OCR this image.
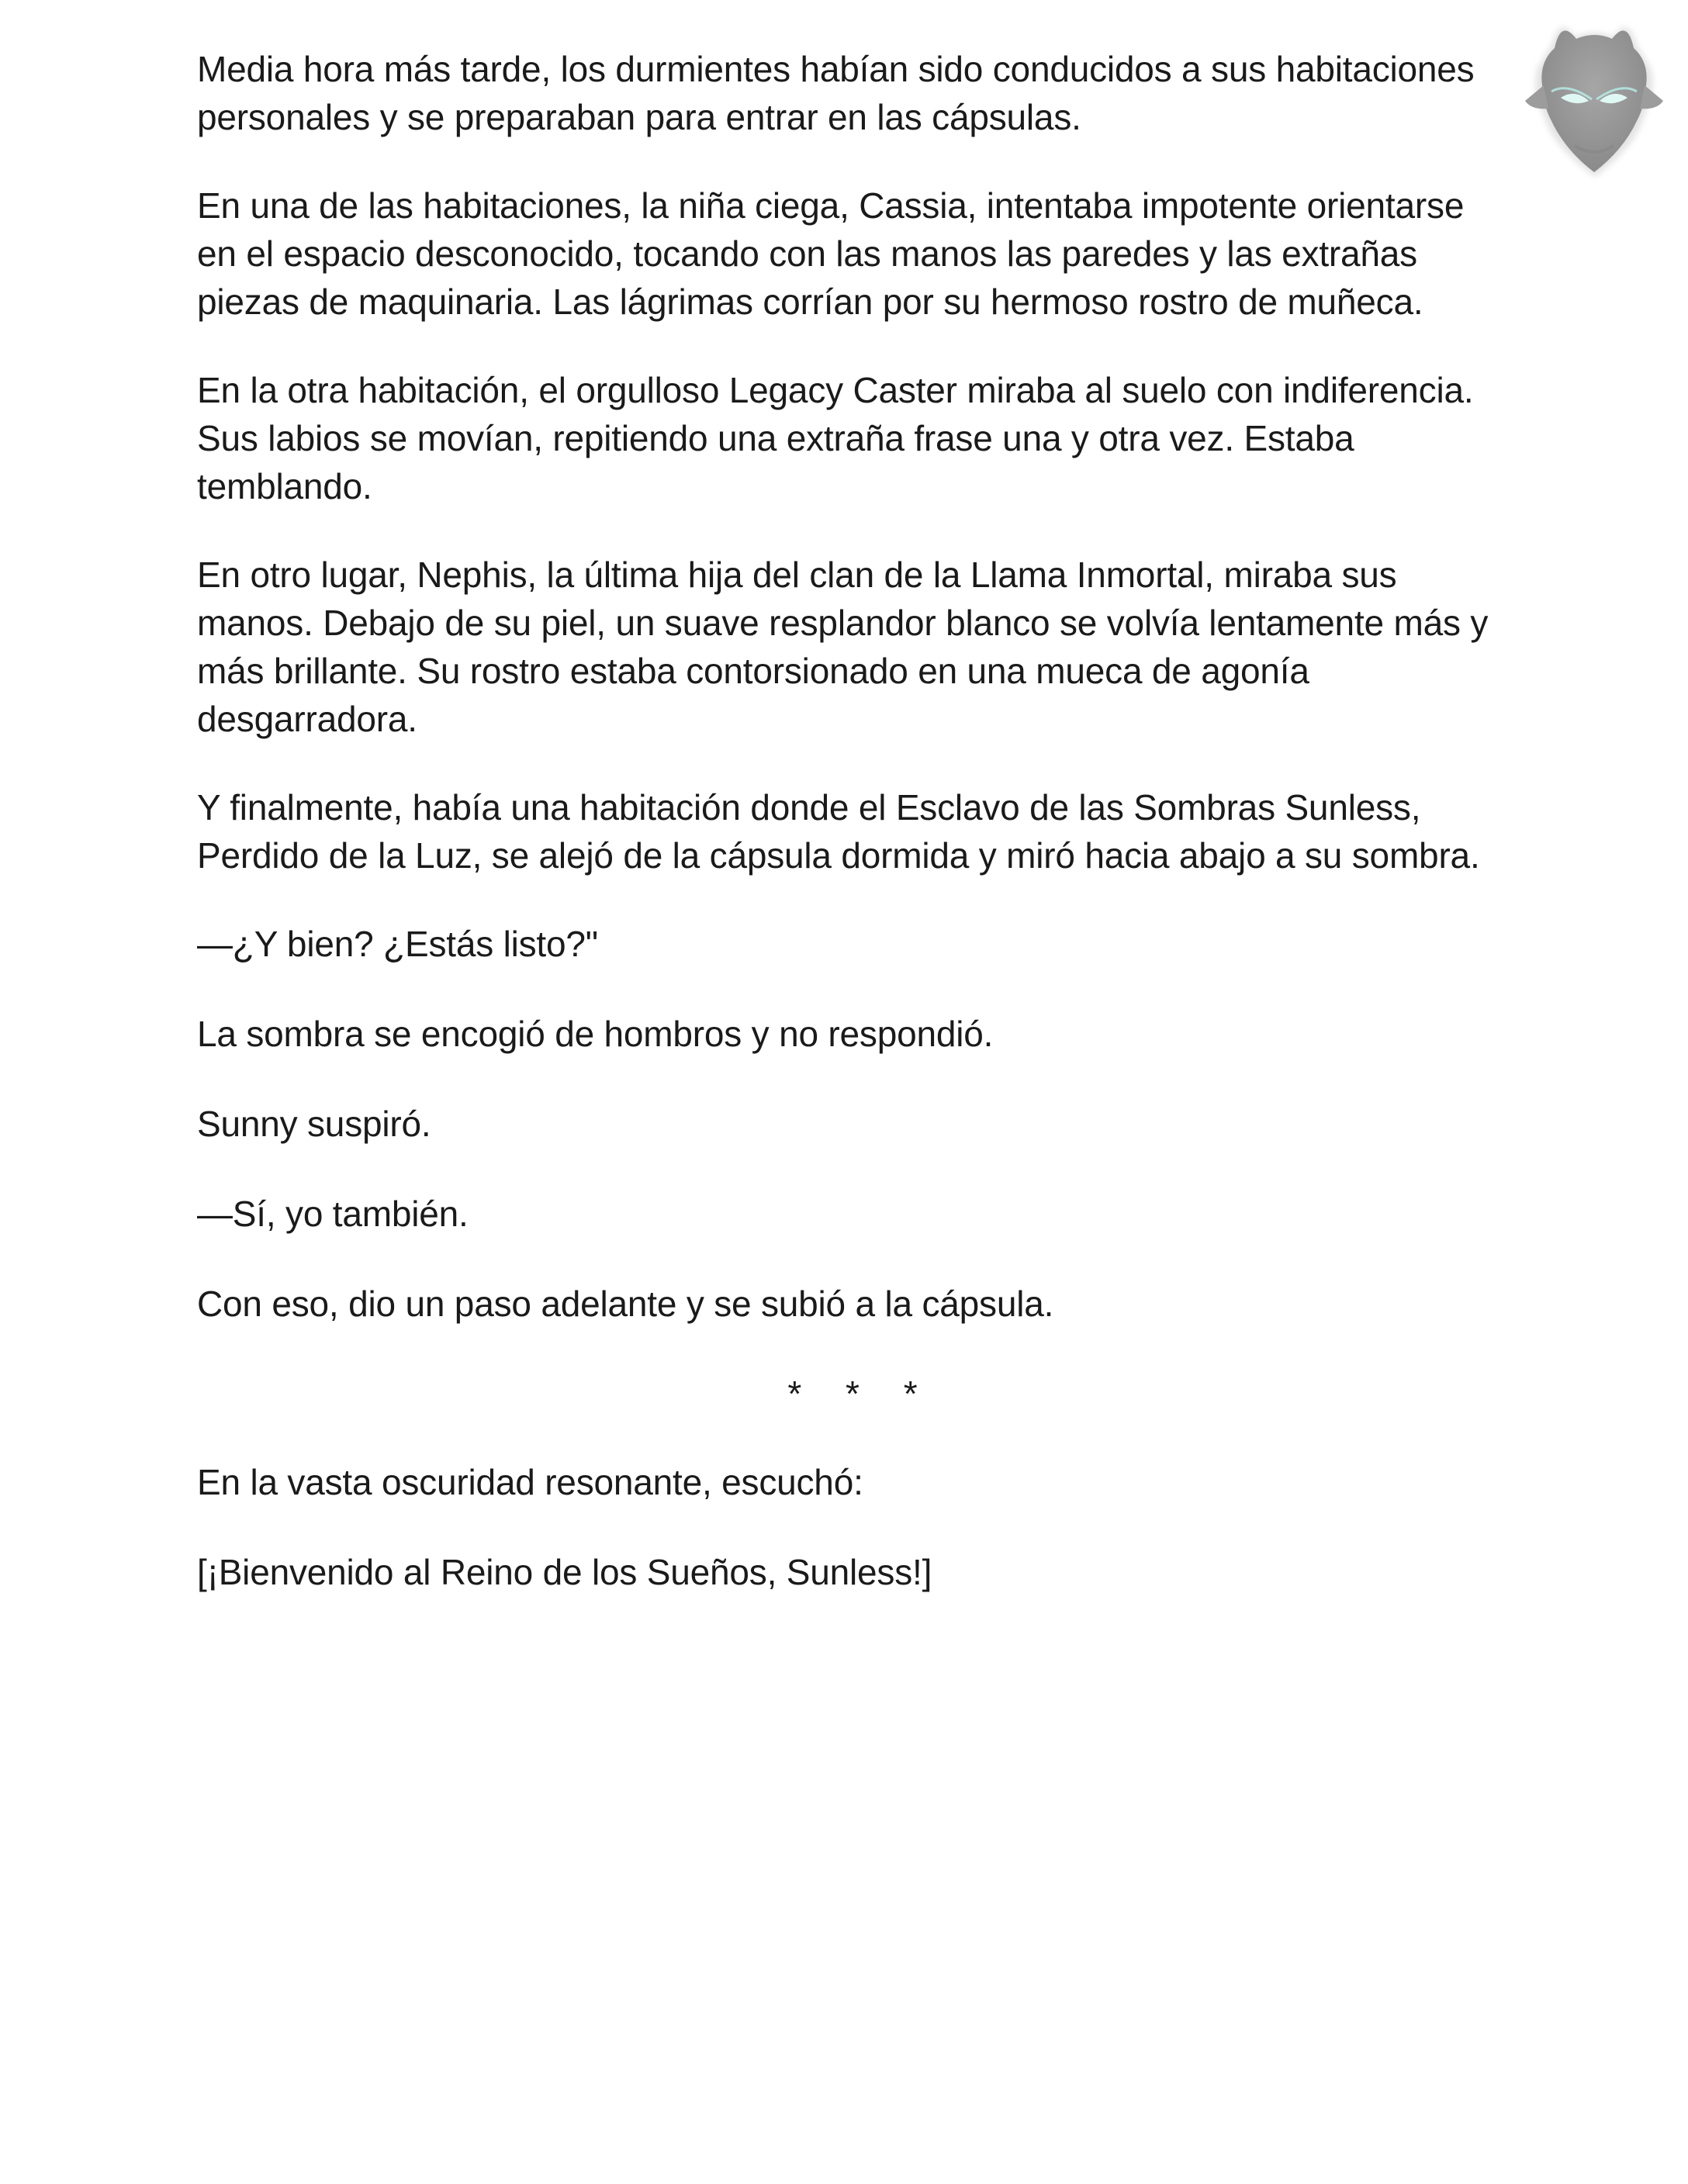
Media hora más tarde, los durmientes habían sido conducidos a sus habitaciones personales y se preparaban para entrar en las cápsulas.

En una de las habitaciones, la niña ciega, Cassia, intentaba impotente orientarse en el espacio desconocido, tocando con las manos las paredes y las extrañas piezas de maquinaria. Las lágrimas corrían por su hermoso rostro de muñeca.

En la otra habitación, el orgulloso Legacy Caster miraba al suelo con indiferencia. Sus labios se movían, repitiendo una extraña frase una y otra vez. Estaba temblando.

En otro lugar, Nephis, la última hija del clan de la Llama Inmortal, miraba sus manos. Debajo de su piel, un suave resplandor blanco se volvía lentamente más y más brillante. Su rostro estaba contorsionado en una mueca de agonía desgarradora.

Y finalmente, había una habitación donde el Esclavo de las Sombras Sunless, Perdido de la Luz, se alejó de la cápsula dormida y miró hacia abajo a su sombra.

—¿Y bien? ¿Estás listo?"

La sombra se encogió de hombros y no respondió.

Sunny suspiró.

—Sí, yo también.

Con eso, dio un paso adelante y se subió a la cápsula.

* * *

En la vasta oscuridad resonante, escuchó:

[¡Bienvenido al Reino de los Sueños, Sunless!]
